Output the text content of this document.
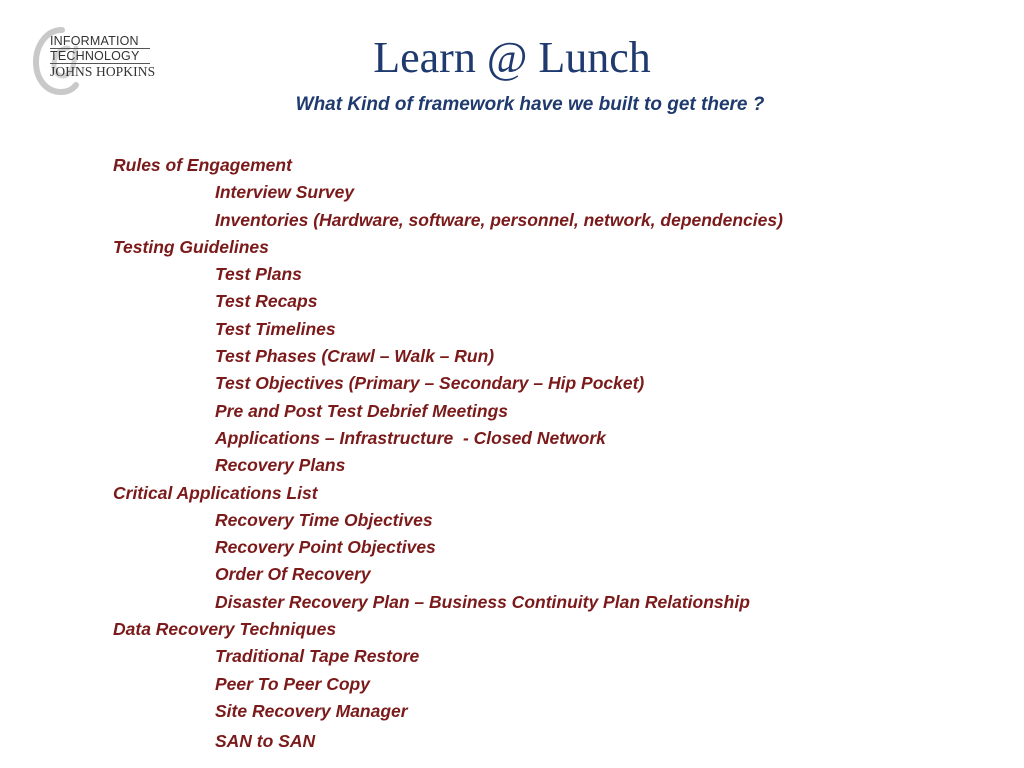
INFORMATION
TECHNOLOGY
JOHNS HOPKINS	Learn @ Lunch
What Kind of framework have we built to get there ?
Rules of Engagement
Interview Survey
Inventories (Hardware, software, personnel, network, dependencies)
Testing Guidelines
Test Plans
Test Recaps
Test Timelines
Test Phases (Crawl – Walk – Run)
Test Objectives (Primary – Secondary – Hip Pocket)
Pre and Post Test Debrief Meetings
Applications – Infrastructure  - Closed Network
Recovery Plans
Critical Applications List
Recovery Time Objectives
Recovery Point Objectives
Order Of Recovery
Disaster Recovery Plan – Business Continuity Plan Relationship
Data Recovery Techniques
Traditional Tape Restore
Peer To Peer Copy
Site Recovery Manager
SAN to SAN
